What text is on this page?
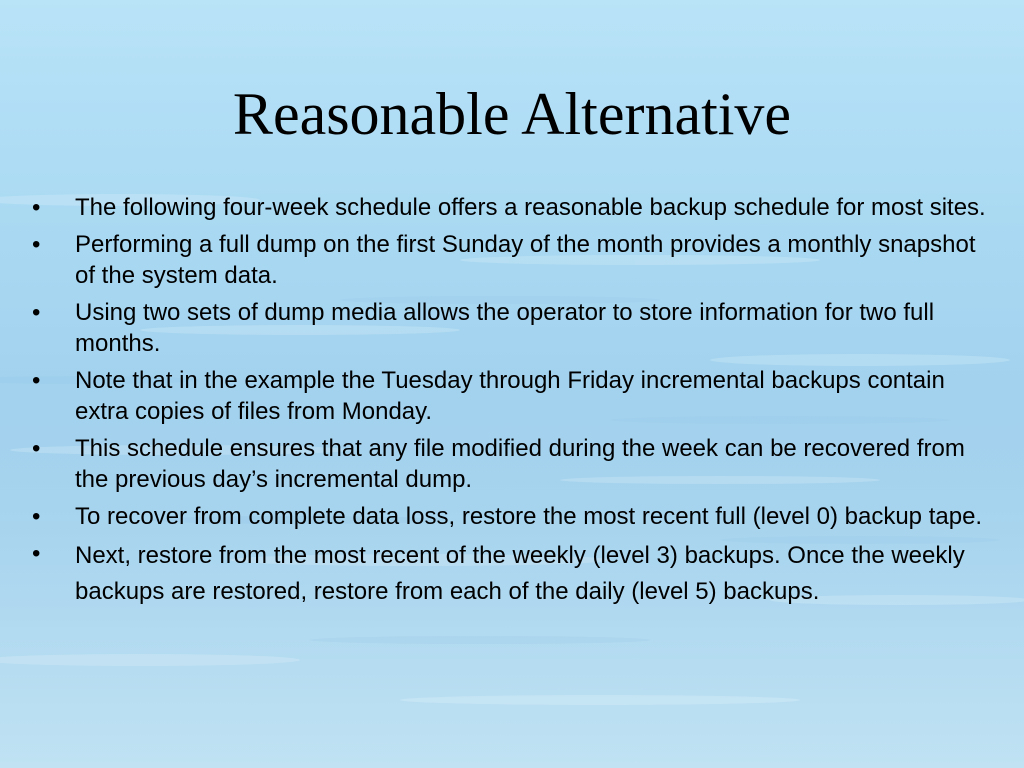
Reasonable Alternative
•	The following four-week schedule offers a reasonable backup schedule for most sites.
•	Performing a full dump on the first Sunday of the month provides a monthly snapshot of the system data.
•	Using two sets of dump media allows the operator to store information for two full months.
•	Note that in the example the Tuesday through Friday incremental backups contain extra copies of files from Monday.
•	This schedule ensures that any file modified during the week can be recovered from the previous day’s incremental dump.
•	To recover from complete data loss, restore the most recent full (level 0) backup tape.
•	Next, restore from the most recent of the weekly (level 3) backups. Once the weekly backups are restored, restore from each of the daily (level 5) backups.
